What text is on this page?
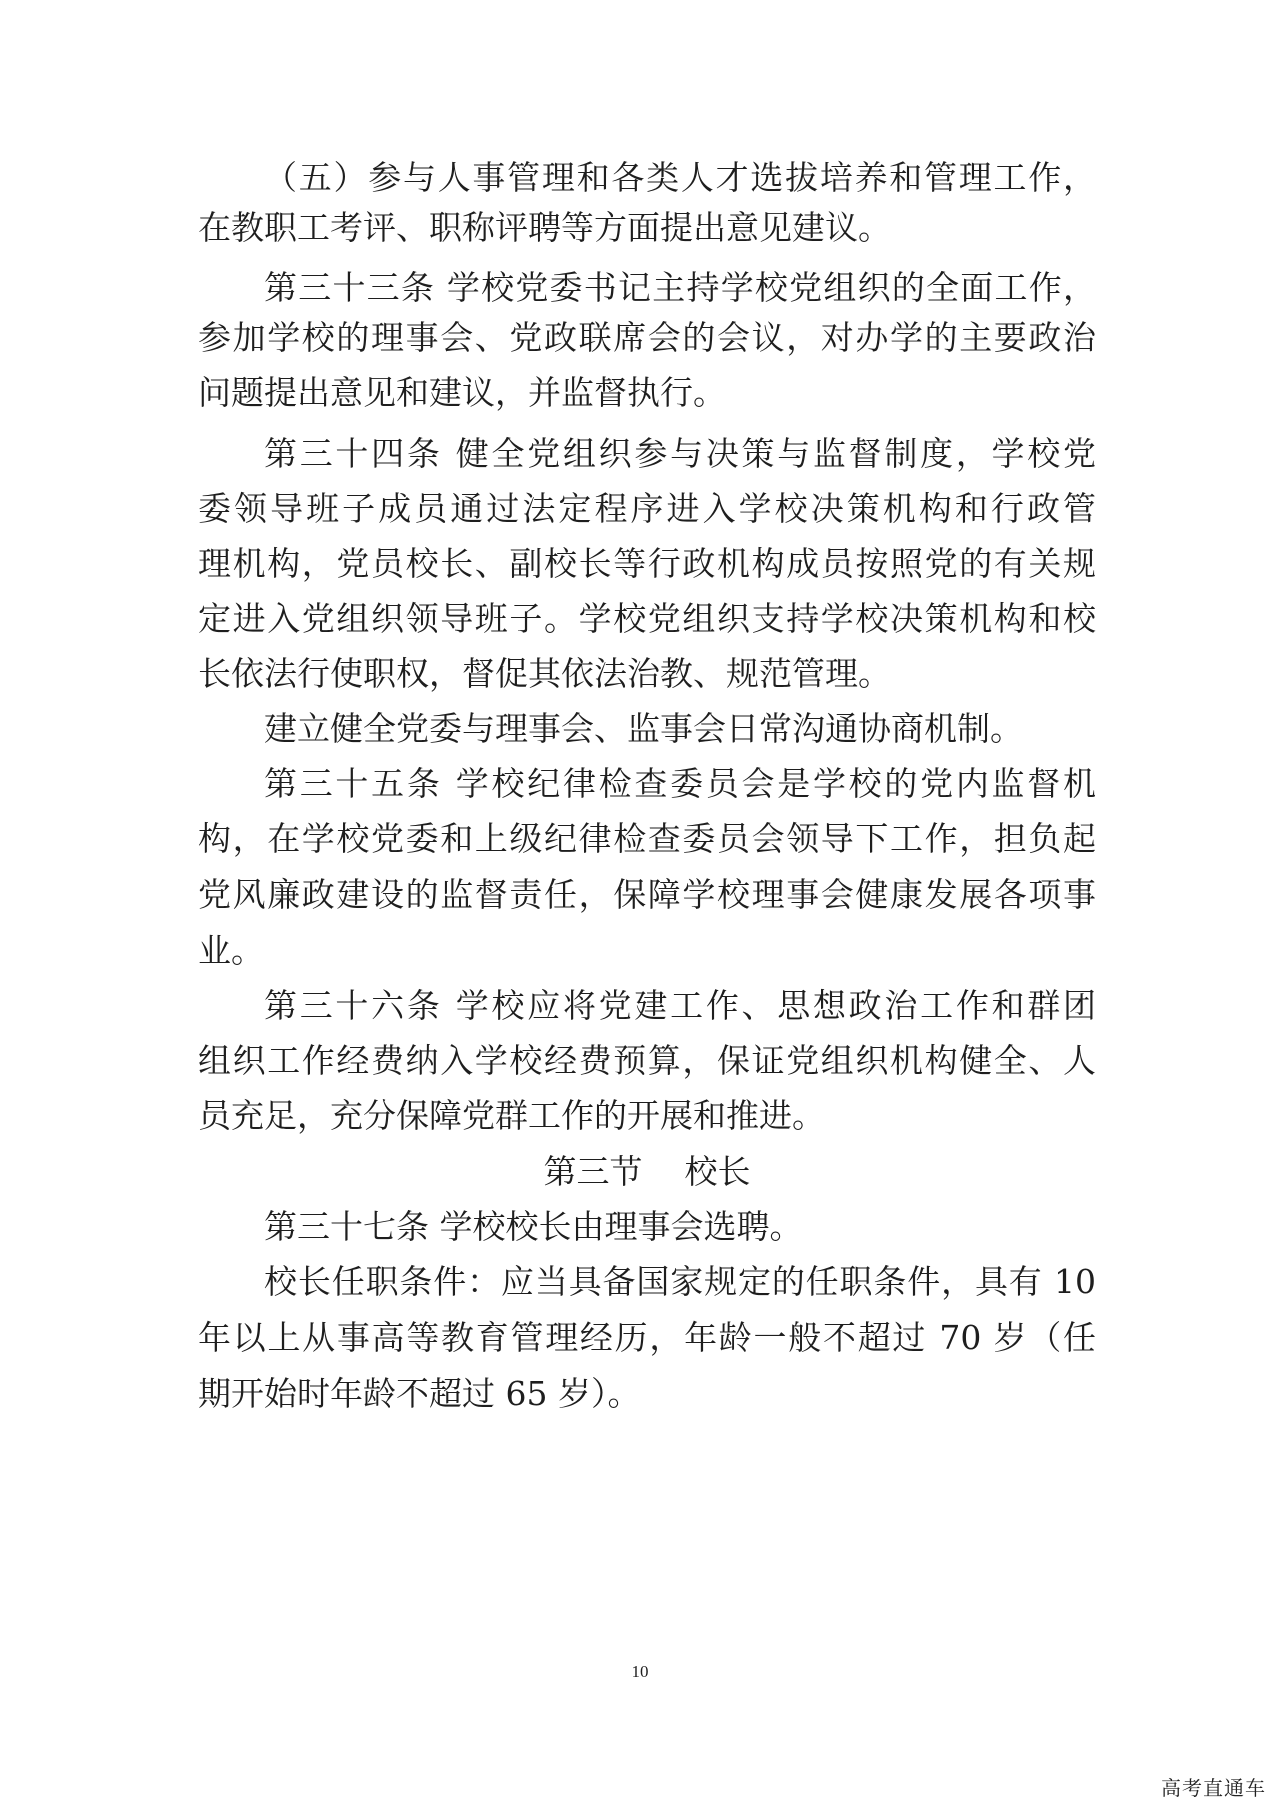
（五）参与人事管理和各类人才选拔培养和管理工作，
在教职工考评、职称评聘等方面提出意见建议。
第三十三条 学校党委书记主持学校党组织的全面工作，
参加学校的理事会、党政联席会的会议，对办学的主要政治
问题提出意见和建议，并监督执行。
第三十四条 健全党组织参与决策与监督制度，学校党
委领导班子成员通过法定程序进入学校决策机构和行政管
理机构，党员校长、副校长等行政机构成员按照党的有关规
定进入党组织领导班子。学校党组织支持学校决策机构和校
长依法行使职权，督促其依法治教、规范管理。
建立健全党委与理事会、监事会日常沟通协商机制。
第三十五条 学校纪律检查委员会是学校的党内监督机
构，在学校党委和上级纪律检查委员会领导下工作，担负起
党风廉政建设的监督责任，保障学校理事会健康发展各项事
业。
第三十六条 学校应将党建工作、思想政治工作和群团
组织工作经费纳入学校经费预算，保证党组织机构健全、人
员充足，充分保障党群工作的开展和推进。
第三节    校长
第三十七条 学校校长由理事会选聘。
校长任职条件：应当具备国家规定的任职条件，具有 10
年以上从事高等教育管理经历，年龄一般不超过 70 岁（任
期开始时年龄不超过 65 岁）。
10
高考直通车
